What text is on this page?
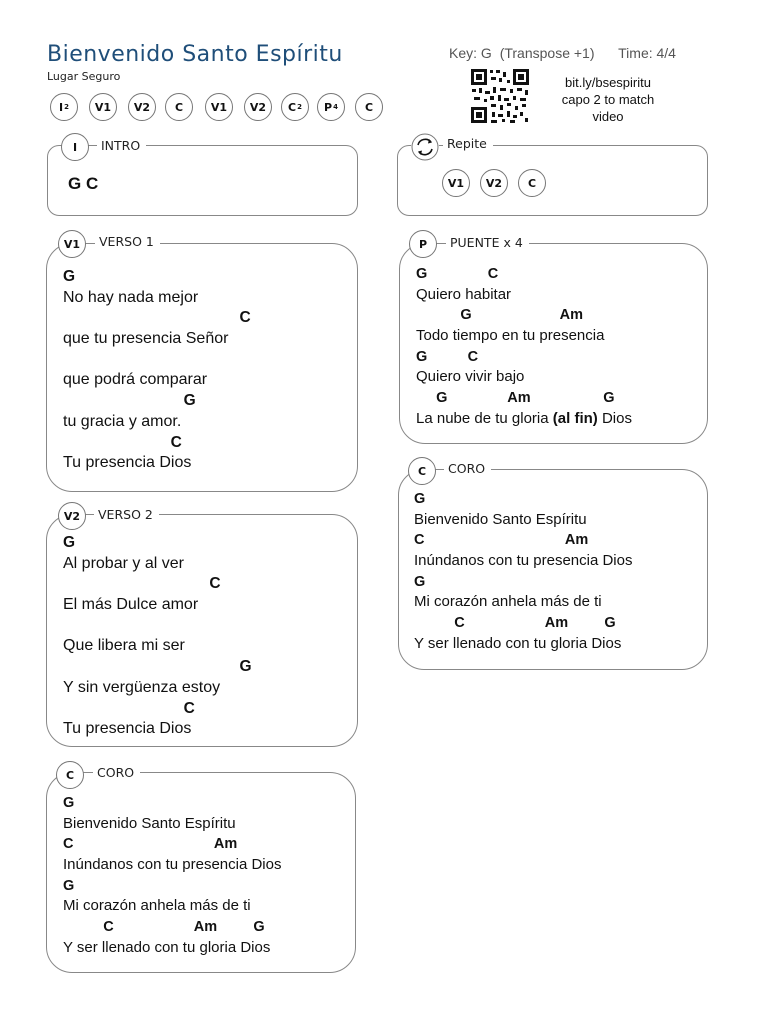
Bienvenido Santo Espíritu
Lugar Seguro
Key: G (Transpose +1) Time: 4/4
bit.ly/bsespiritu
capo 2 to match video
I 2 V1 V2 C	V1 V2 C 2 P 4 C
I	INTRO
G C
Repite
V1	V2	C
V1	VERSO 1
G
No hay nada mejor
C
que tu presencia Señor
que podrá comparar
G
tu gracia y amor.
C
Tu presencia Dios
V2	VERSO 2
G
Al probar y al ver
C
El más Dulce amor
Que libera mi ser
G
Y sin vergüenza estoy
C
Tu presencia Dios
C	CORO
G
Bienvenido Santo Espíritu
C                                   Am
Inúndanos con tu presencia Dios
G
Mi corazón anhela más de ti
C                    Am         G
Y ser llenado con tu gloria Dios
P	PUENTE x 4
G               C
Quiero habitar
G                      Am
Todo tiempo en tu presencia
G          C
Quiero vivir bajo
G               Am                  G
La nube de tu gloria (al fin) Dios
C	CORO
G
Bienvenido Santo Espíritu
C                                   Am
Inúndanos con tu presencia Dios
G
Mi corazón anhela más de ti
C                    Am         G
Y ser llenado con tu gloria Dios
